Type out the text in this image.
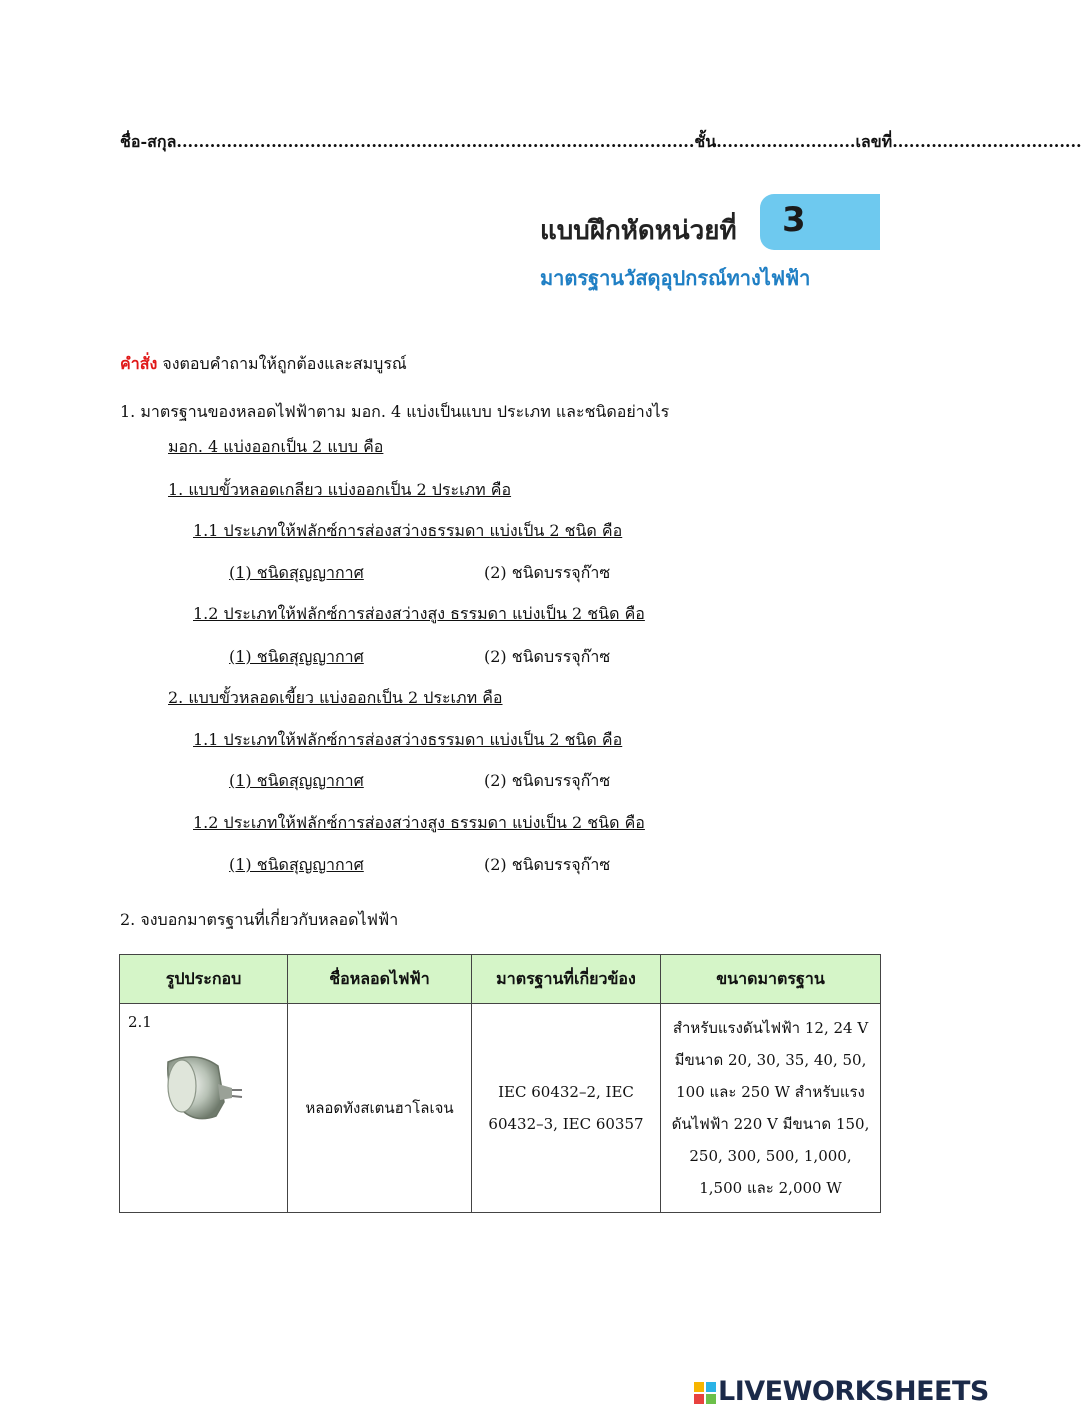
ชื่อ-สกุล.............................................................................................ชั้น.........................เลขที่..................................
แบบฝึกหัดหน่วยที่ 3
มาตรฐานวัสดุอุปกรณ์ทางไฟฟ้า
คำสั่ง จงตอบคำถามให้ถูกต้องและสมบูรณ์
1. มาตรฐานของหลอดไฟฟ้าตาม มอก. 4 แบ่งเป็นแบบ ประเภท และชนิดอย่างไร
มอก. 4 แบ่งออกเป็น 2 แบบ คือ
1. แบบขั้วหลอดเกลียว แบ่งออกเป็น 2 ประเภท คือ
1.1 ประเภทให้ฟลักซ์การส่องสว่างธรรมดา แบ่งเป็น 2 ชนิด คือ
(1) ชนิดสุญญากาศ	(2) ชนิดบรรจุก๊าซ
1.2 ประเภทให้ฟลักซ์การส่องสว่างสูง ธรรมดา แบ่งเป็น 2 ชนิด คือ
(1) ชนิดสุญญากาศ	(2) ชนิดบรรจุก๊าซ
2. แบบขั้วหลอดเขี้ยว แบ่งออกเป็น 2 ประเภท คือ
1.1 ประเภทให้ฟลักซ์การส่องสว่างธรรมดา แบ่งเป็น 2 ชนิด คือ
(1) ชนิดสุญญากาศ	(2) ชนิดบรรจุก๊าซ
1.2 ประเภทให้ฟลักซ์การส่องสว่างสูง ธรรมดา แบ่งเป็น 2 ชนิด คือ
(1) ชนิดสุญญากาศ	(2) ชนิดบรรจุก๊าซ
2. จงบอกมาตรฐานที่เกี่ยวกับหลอดไฟฟ้า
รูปประกอบ	ชื่อหลอดไฟฟ้า	มาตรฐานที่เกี่ยวข้อง	ขนาดมาตรฐาน

2.1	หลอดทังสเตนฮาโลเจน	IEC 60432–2, IEC 60432–3, IEC 60357	สำหรับแรงดันไฟฟ้า 12, 24 V มีขนาด 20, 30, 35, 40, 50, 100 และ 250 W สำหรับแรงดันไฟฟ้า 220 V มีขนาด 150, 250, 300, 500, 1,000, 1,500 และ 2,000 W
LIVEWORKSHEETS
